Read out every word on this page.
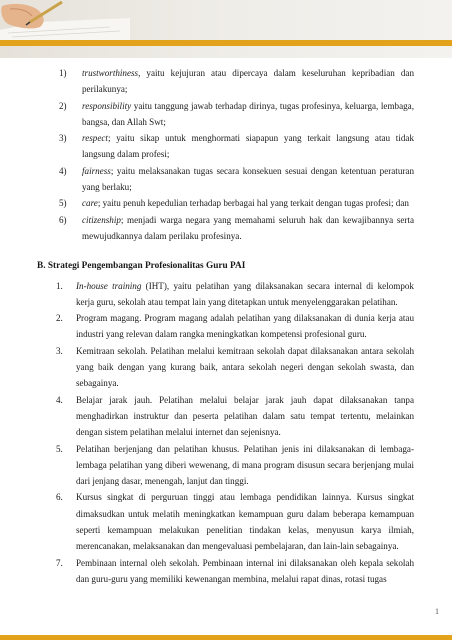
1) trustworthiness, yaitu kejujuran atau dipercaya dalam keseluruhan kepribadian dan perilakunya;
2) responsibility yaitu tanggung jawab terhadap dirinya, tugas profesinya, keluarga, lembaga, bangsa, dan Allah Swt;
3) respect; yaitu sikap untuk menghormati siapapun yang terkait langsung atau tidak langsung dalam profesi;
4) fairness; yaitu melaksanakan tugas secara konsekuen sesuai dengan ketentuan peraturan yang berlaku;
5) care; yaitu penuh kepedulian terhadap berbagai hal yang terkait dengan tugas profesi; dan
6) citizenship; menjadi warga negara yang memahami seluruh hak dan kewajibannya serta mewujudkannya dalam perilaku profesinya.
B. Strategi Pengembangan Profesionalitas Guru PAI
1. In-house training (IHT), yaitu pelatihan yang dilaksanakan secara internal di kelompok kerja guru, sekolah atau tempat lain yang ditetapkan untuk menyelenggarakan pelatihan.
2. Program magang. Program magang adalah pelatihan yang dilaksanakan di dunia kerja atau industri yang relevan dalam rangka meningkatkan kompetensi profesional guru.
3. Kemitraan sekolah. Pelatihan melalui kemitraan sekolah dapat dilaksanakan antara sekolah yang baik dengan yang kurang baik, antara sekolah negeri dengan sekolah swasta, dan sebagainya.
4. Belajar jarak jauh. Pelatihan melalui belajar jarak jauh dapat dilaksanakan tanpa menghadirkan instruktur dan peserta pelatihan dalam satu tempat tertentu, melainkan dengan sistem pelatihan melalui internet dan sejenisnya.
5. Pelatihan berjenjang dan pelatihan khusus. Pelatihan jenis ini dilaksanakan di lembaga-lembaga pelatihan yang diberi wewenang, di mana program disusun secara berjenjang mulai dari jenjang dasar, menengah, lanjut dan tinggi.
6. Kursus singkat di perguruan tinggi atau lembaga pendidikan lainnya. Kursus singkat dimaksudkan untuk melatih meningkatkan kemampuan guru dalam beberapa kemampuan seperti kemampuan melakukan penelitian tindakan kelas, menyusun karya ilmiah, merencanakan, melaksanakan dan mengevaluasi pembelajaran, dan lain-lain sebagainya.
7. Pembinaan internal oleh sekolah. Pembinaan internal ini dilaksanakan oleh kepala sekolah dan guru-guru yang memiliki kewenangan membina, melalui rapat dinas, rotasi tugas
1
